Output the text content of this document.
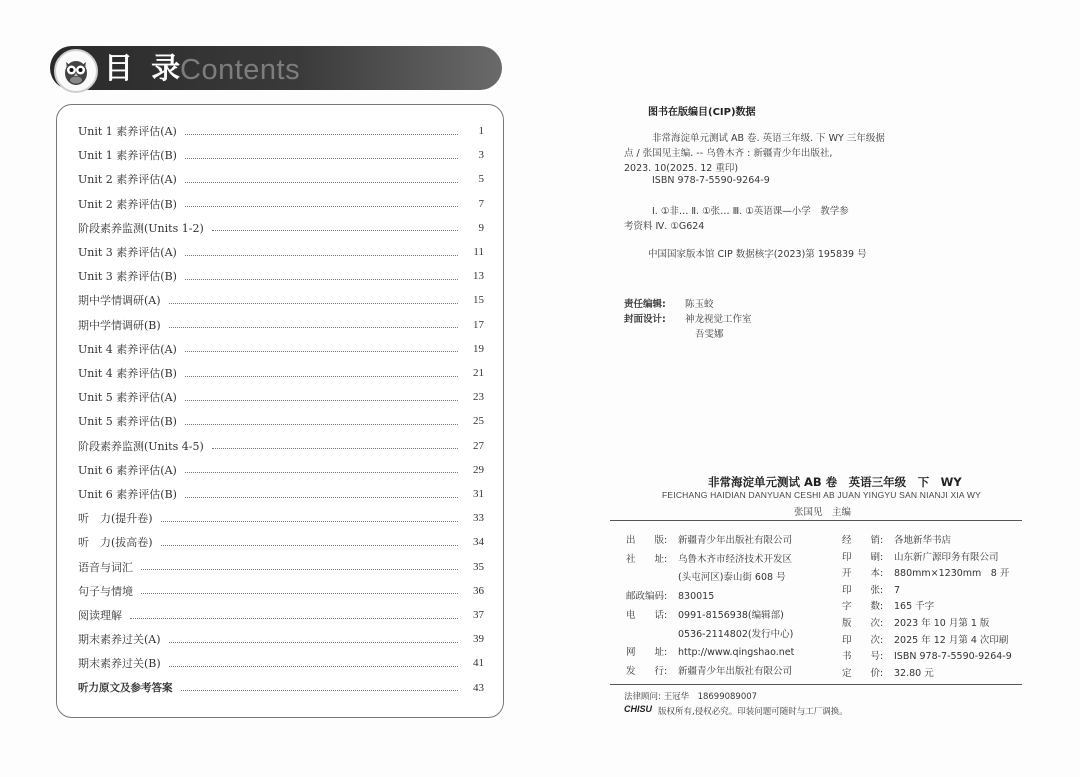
目 录
Contents
Unit 1 素养评估(A)	1
Unit 1 素养评估(B)	3
Unit 2 素养评估(A)	5
Unit 2 素养评估(B)	7
阶段素养监测(Units 1-2)	9
Unit 3 素养评估(A)	11
Unit 3 素养评估(B)	13
期中学情调研(A)	15
期中学情调研(B)	17
Unit 4 素养评估(A)	19
Unit 4 素养评估(B)	21
Unit 5 素养评估(A)	23
Unit 5 素养评估(B)	25
阶段素养监测(Units 4-5)	27
Unit 6 素养评估(A)	29
Unit 6 素养评估(B)	31
听　力(提升卷)	33
听　力(拔高卷)	34
语音与词汇	35
句子与情境	36
阅读理解	37
期末素养过关(A)	39
期末素养过关(B)	41
听力原文及参考答案	43
图书在版编目(CIP)数据
非常海淀单元测试 AB 卷. 英语三年级. 下 WY 三年级据
点 / 张国见主编. -- 乌鲁木齐 : 新疆青少年出版社,
2023. 10(2025. 12 重印)
ISBN 978-7-5590-9264-9
Ⅰ. ①非… Ⅱ. ①张… Ⅲ. ①英语课—小学　教学参
考资料 Ⅳ. ①G624
中国国家版本馆 CIP 数据核字(2023)第 195839 号
责任编辑: 陈玉蛟
封面设计: 神龙视觉工作室
吾雯娜
非常海淀单元测试 AB 卷　英语三年级　下　WY
FEICHANG HAIDIAN DANYUAN CESHI AB JUAN YINGYU SAN NIANJI XIA WY
张国见　主编
出　　版: 新疆青少年出版社有限公司
社　　址: 乌鲁木齐市经济技术开发区
(头屯河区)泰山街 608 号
邮政编码: 830015
电　　话: 0991-8156938(编辑部)
0536-2114802(发行中心)
网　　址: http://www.qingshao.net
发　　行: 新疆青少年出版社有限公司
经　　销: 各地新华书店
印　　刷: 山东新广源印务有限公司
开　　本: 880mm×1230mm　8 开
印　　张: 7
字　　数: 165 千字
版　　次: 2023 年 10 月第 1 版
印　　次: 2025 年 12 月第 4 次印刷
书　　号: ISBN 978-7-5590-9264-9
定　　价: 32.80 元
法律顾问: 王冠华　18699089007
CHISU 版权所有,侵权必究。印装问题可随时与工厂调换。
